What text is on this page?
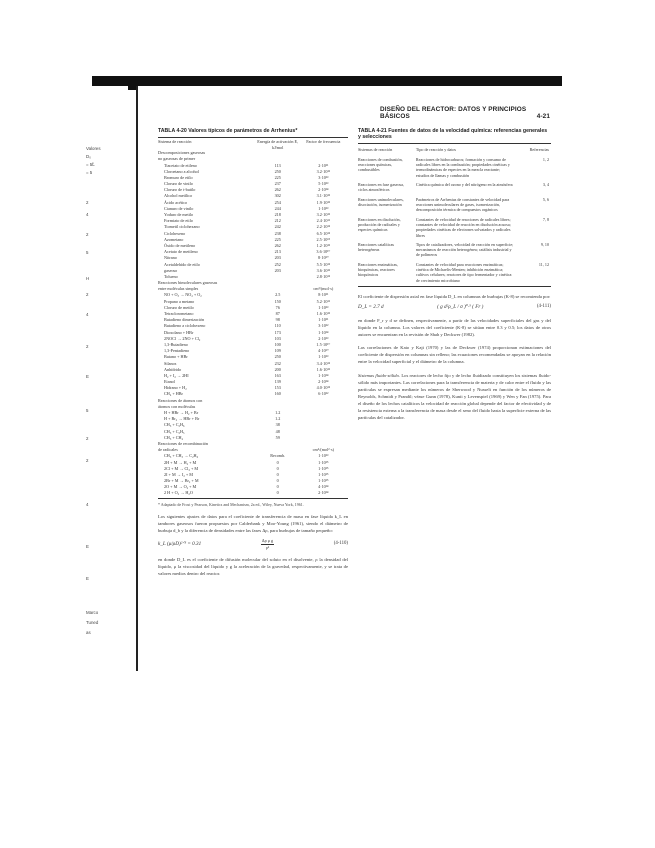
DISEÑO DEL REACTOR: DATOS Y PRINCIPIOS BÁSICOS	4-21
Valores
D₀
= 5̃L
= 5
2
4
2
5
H
2
4
2
E
5
2
2
4
E
E
Marco
Tuned
as
TABLA 4-20 Valores típicos de parámetros de Arrhenius*
Sistema de reacción	Energía de activación E, kJ/mol	Factor de frecuencia
Descomposiciones gaseosas		
no gaseosas de primer		
Tiacetato de etileno	113	2·10¹¹
Cloroetano a alcohol	250	3.2·10¹³
Bromuro de etilo	225	3·10¹³
Cloruro de vinilo	237	5·10¹³
Cloruro de t-butilo	262	2·10¹⁴
Alcohol metílico	302	3.1·10¹³
Ácido acético	254	1.9·10¹³
Cianuro de vinilo	244	1·10¹³
Yoduro de metilo	218	3.2·10¹³
Formiato de etilo	212	2.4·10¹¹
Tiometil ciclohexano	242	2.2·10¹²
Ciclohexeno	238	6.5·10¹²
Azometano	225	2.5·10¹⁵
Óxido de metileno	262	1.2·10¹³
Acetato de metileno	213	3.6·10¹⁰
Nitrano	203	8·10¹⁰
Acetaldehído de etilo	252	5.5·10¹²
gaseoso	203	3.6·10¹³
Tolueno		2.8·10¹²
Reacciones bimoleculares gaseosas		
entre moléculas simples		cm³/(mol·s)
NO + O₃ → NO₂ + O₂	2.5	8·10¹¹
Propano a metano	150	5.2·10¹¹
Cloruro de metilo	76	1·10¹³
Tetraclorometano	87	1.6·10¹³
Butadieno dimerización	98	1·10¹¹
Butadieno a ciclohexeno	110	3·10¹²
Dioxolano + HBr	173	1·10¹⁴
2NOCl → 2NO + Cl₂	103	2·10¹³
1,3-Butadieno	100	1.5·10¹⁰
1,3-Pentadieno	109	4·10¹⁰
Butano + HBr	250	1·10¹³
Silanos	232	3.4·10¹²
Anhídrido	200	1.6·10¹³
H₂ + I₂ → 2HI	163	1·10¹⁴
Etanol	139	2·10¹⁴
Hidrano + H₂	153	4.0·10¹²
CH₄ + HBr	160	6·10¹²
Reacciones de átomos con		
átomos con moléculas		
H + HBr → H₂ + Br	1.2	
H + Br₂ → HBr + Br	1.2	
CH₃ + C₂H₆	38	
CH₃ + C₂H₅	48	
CH₃ + CH₄	59	
Reacciones de recombinación		
de radicales		cm⁶/(mol²·s)
CH₃ + CH₃ → C₂H₆	Recomb.	1·10¹³
2H + M → H₂ + M	0	1·10¹⁵
2Cl + M → Cl₂ + M	0	1·10¹⁵
2I + M → I₂ + M	0	1·10¹⁵
2Br + M → Br₂ + M	0	1·10¹⁵
2O + M → O₂ + M	0	4·10¹⁴
2 H + O₂ → H₂O	0	2·10¹⁴
* Adaptado de Frost y Pearson, Kinetics and Mechanism, 2a ed., Wiley, Nueva York, 1961.
Los siguientes ajustes de datos para el coeficiente de transferencia de masa en fase líquida k_L en tambores gaseosos fueron propuestos por Calderbank y Moo-Young (1961), siendo el diámetro de burbuja d_b y la diferencia de densidades entre las fases Δρ, para burbujas de tamaño pequeño:
k_L (μ/ρD)²ᐟ³ = 0.31	$\frac{\text{Δρ μ g}}{\text{ρ²}}$	(4-110)
en donde D_L es el coeficiente de difusión molecular del soluto en el disolvente, ρ la densidad del líquido, μ la viscosidad del líquido y g la aceleración de la gravedad, respectivamente, y se trata de valores medios dentro del reactor.
TABLA 4-21 Fuentes de datos de la velocidad química: referencias generales y selecciones
Sistemas de reacción	Tipo de reacción y datos	Referencias
Reacciones de combustión, reacciones químicas, combustibles	Reacciones de hidrocarburos; formación y consumo de radicales libres en la combustión; propiedades cinéticas y termodinámicas de especies en la mezcla reactante; estudios de llamas y combustión	1, 2
Reacciones en fase gaseosa, ciclos atmosféricos	Cinética química del ozono y del nitrógeno en la atmósfera	3, 4
Reacciones unimoleculares, disociación, isomerización	Parámetros de Arrhenius de constantes de velocidad para reacciones unimoleculares de gases, isomerización, descomposición térmica de compuestos orgánicos	5, 6
Reacciones en disolución, producción de radicales y especies químicas	Constantes de velocidad de reacciones de radicales libres; constantes de velocidad de reacción en disolución acuosa; propiedades cinéticas de electrones solvatados y radicales libres	7, 8
Reacciones catalíticas heterogéneas	Tipos de catalizadores, velocidad de reacción en superficie; mecanismos de reacción heterogénea; catálisis industrial y de polímeros	9, 10
Reacciones enzimáticas, bioquímicas, reactores bioquímicos	Constantes de velocidad para reacciones enzimáticas; cinética de Michaelis-Menten; inhibición enzimática; cultivos celulares; reactores de tipo fermentador y cinética de crecimiento microbiano	11, 12
El coeficiente de dispersión axial en fase líquida D_L en columnas de burbujas (K-8) se recomienda por:
D_L = 2.7 d	( g d²ρ_L / σ )⁰·⁵ ( Fr )	(4-111)
en donde F_r y d se definen, respectivamente, a partir de las velocidades superficiales del gas y del líquido en la columna. Los valores del coeficiente (K-8) se sitúan entre 0.3 y 0.5; los datos de otros autores se encuentran en la revisión de Shah y Deckwer (1982).
Las correlaciones de Kato y Kaji (1970) y las de Deckwer (1974) proporcionan estimaciones del coeficiente de dispersión en columnas sin relleno; las ecuaciones recomendadas se apoyan en la relación entre la velocidad superficial y el diámetro de la columna.
Sistemas fluido-sólido. Los reactores de lecho fijo y de lecho fluidizado constituyen los sistemas fluido-sólido más importantes. Las correlaciones para la transferencia de materia y de calor entre el fluido y las partículas se expresan mediante los números de Sherwood y Nusselt en función de los números de Reynolds, Schmidt y Prandtl; véase Gunn (1978), Kunii y Levenspiel (1969) y Wen y Fan (1975). Para el diseño de los lechos catalíticos la velocidad de reacción global depende del factor de efectividad y de la resistencia externa a la transferencia de masa desde el seno del fluido hasta la superficie externa de las partículas del catalizador.
